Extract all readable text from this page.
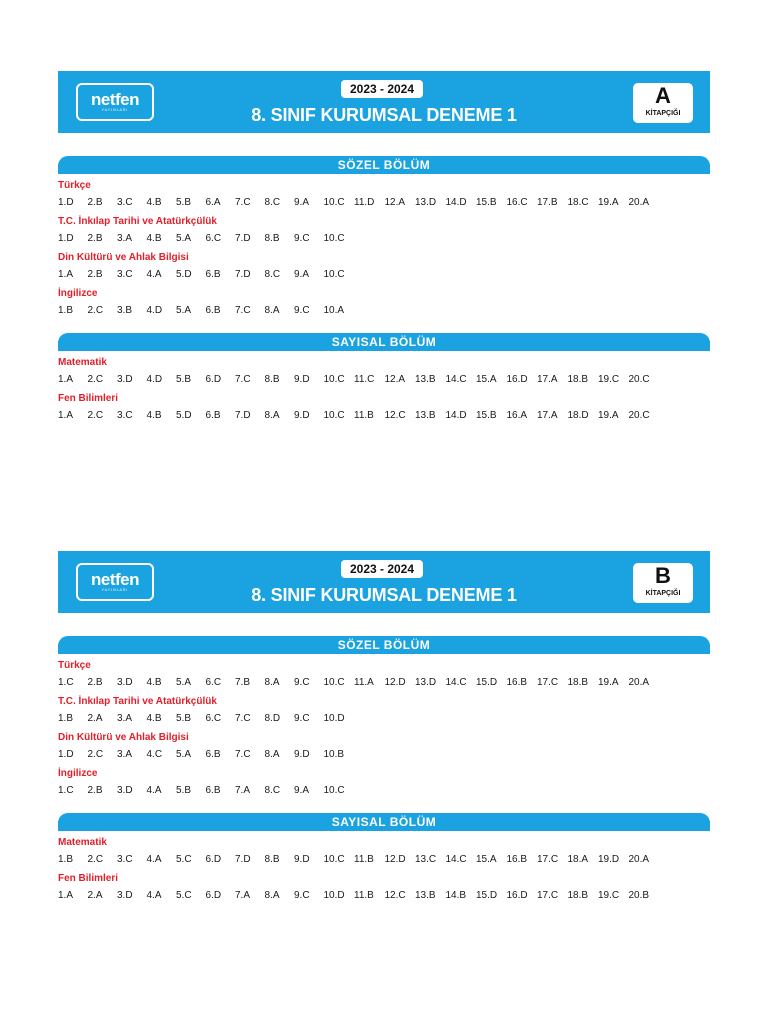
netfen
YAYINLARI
2023 - 2024
8. SINIF KURUMSAL DENEME 1
A
KİTAPÇIĞI
SÖZEL BÖLÜM
Türkçe
1.D	2.B	3.C	4.B	5.B	6.A	7.C	8.C	9.A	10.C 11.D	12.A 13.D 14.D 15.B 16.C 17.B 18.C 19.A 20.A
T.C. İnkılap Tarihi ve Atatürkçülük
1.D	2.B	3.A	4.B	5.A	6.C	7.D	8.B	9.C	10.C
Din Kültürü ve Ahlak Bilgisi
1.A	2.B	3.C	4.A	5.D	6.B	7.D	8.C	9.A	10.C
İngilizce
1.B	2.C	3.B	4.D	5.A	6.B	7.C	8.A	9.C	10.A
SAYISAL BÖLÜM
Matematik
1.A	2.C	3.D	4.D	5.B	6.D	7.C	8.B	9.D	10.C 11.C	12.A 13.B 14.C 15.A 16.D 17.A 18.B 19.C 20.C
Fen Bilimleri
1.A	2.C	3.C	4.B	5.D	6.B	7.D	8.A	9.D	10.C 11.B	12.C 13.B 14.D 15.B 16.A 17.A 18.D 19.A 20.C
netfen
YAYINLARI
2023 - 2024
8. SINIF KURUMSAL DENEME 1
B
KİTAPÇIĞI
SÖZEL BÖLÜM
Türkçe
1.C	2.B	3.D	4.B	5.A	6.C	7.B	8.A	9.C	10.C 11.A	12.D 13.D 14.C 15.D 16.B 17.C 18.B 19.A 20.A
T.C. İnkılap Tarihi ve Atatürkçülük
1.B	2.A	3.A	4.B	5.B	6.C	7.C	8.D	9.C	10.D
Din Kültürü ve Ahlak Bilgisi
1.D	2.C	3.A	4.C	5.A	6.B	7.C	8.A	9.D	10.B
İngilizce
1.C	2.B	3.D	4.A	5.B	6.B	7.A	8.C	9.A	10.C
SAYISAL BÖLÜM
Matematik
1.B	2.C	3.C	4.A	5.C	6.D	7.D	8.B	9.D	10.C 11.B	12.D 13.C 14.C 15.A 16.B 17.C 18.A 19.D 20.A
Fen Bilimleri
1.A	2.A	3.D	4.A	5.C	6.D	7.A	8.A	9.C	10.D 11.B	12.C 13.B 14.B 15.D 16.D 17.C 18.B 19.C 20.B
